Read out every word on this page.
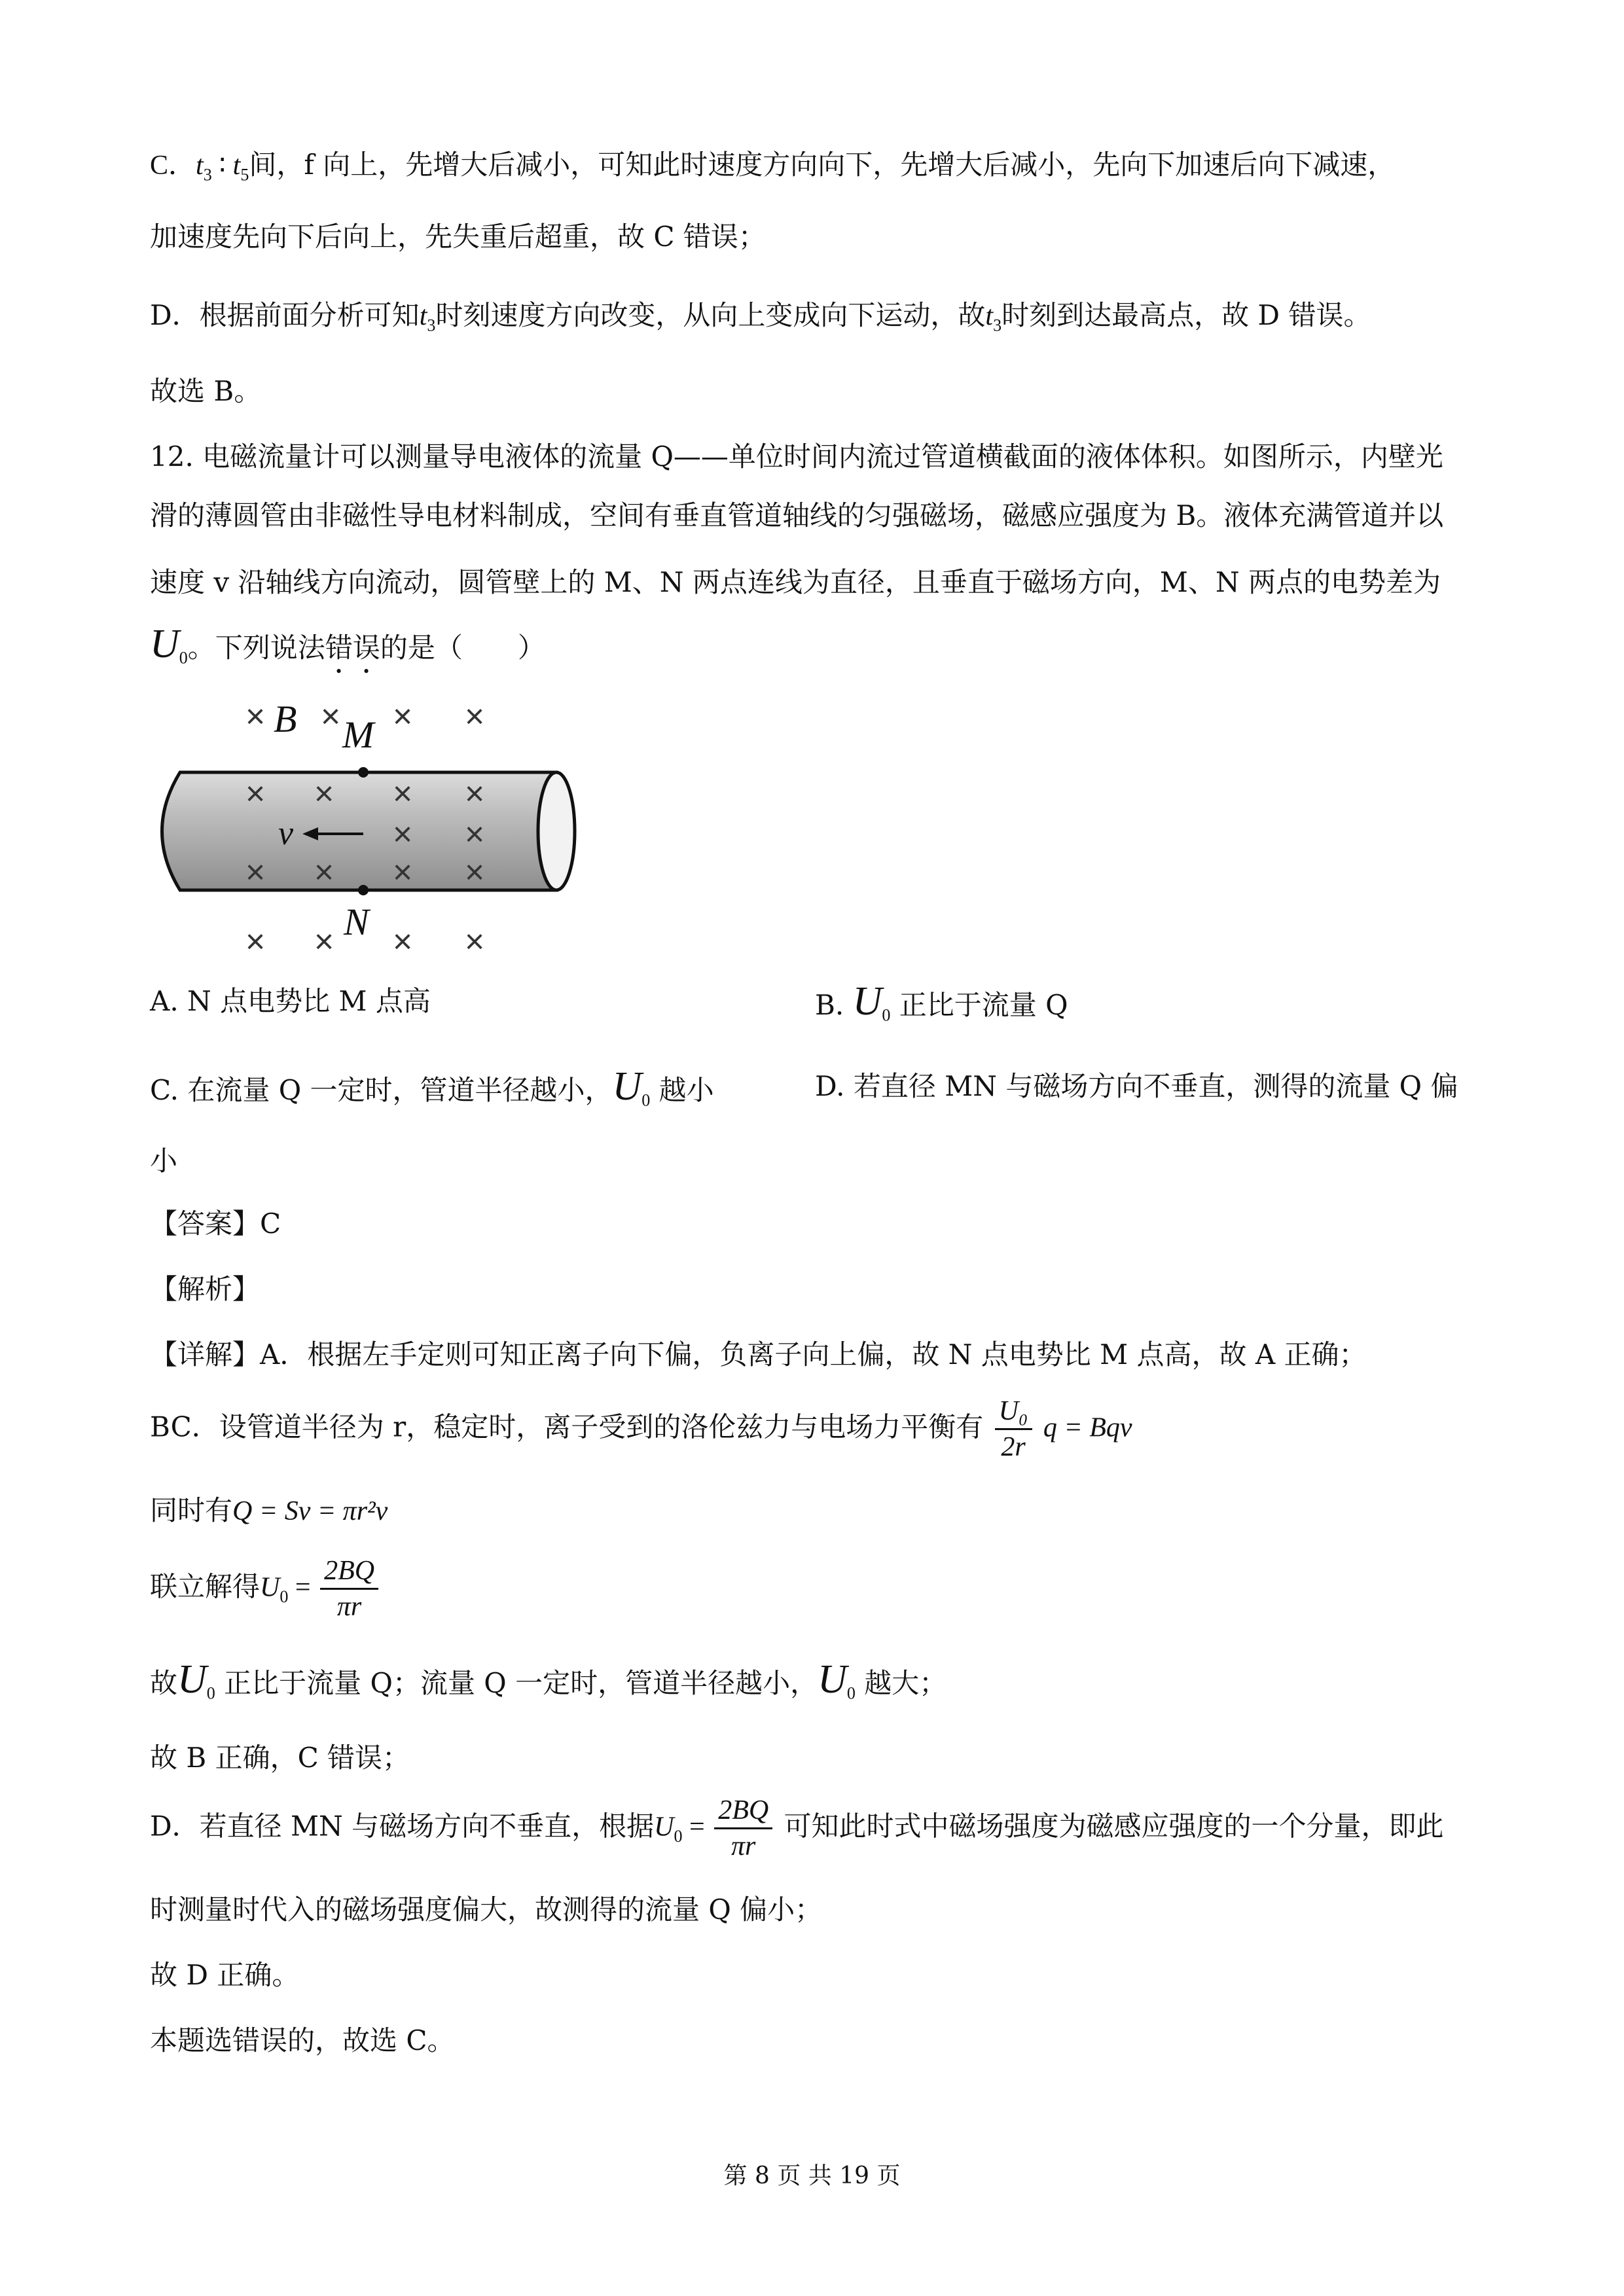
C．$t_3$ ∶ $t_5$间，f 向上，先增大后减小，可知此时速度方向向下，先增大后减小，先向下加速后向下减速，
加速度先向下后向上，先失重后超重，故 C 错误；
D．根据前面分析可知$t_3$时刻速度方向改变，从向上变成向下运动，故$t_3$时刻到达最高点，故 D 错误。
故选 B。
12. 电磁流量计可以测量导电液体的流量 Q——单位时间内流过管道横截面的液体体积。如图所示，内壁光
滑的薄圆管由非磁性导电材料制成，空间有垂直管道轴线的匀强磁场，磁感应强度为 B。液体充满管道并以
速度 v 沿轴线方向流动，圆管壁上的 M、N 两点连线为直径，且垂直于磁场方向，M、N 两点的电势差为
$U_0$。下列说法错误的是（　　）
× × × ×
× × × ×
× ×
× × × ×
× × × ×
B M
N
v
A. N 点电势比 M 点高	B. $U_0$ 正比于流量 Q
C. 在流量 Q 一定时，管道半径越小，$U_0$ 越小	D. 若直径 MN 与磁场方向不垂直，测得的流量 Q 偏
小
【答案】C
【解析】
【详解】A．根据左手定则可知正离子向下偏，负离子向上偏，故 N 点电势比 M 点高，故 A 正确；
BC．设管道半径为 r，稳定时，离子受到的洛伦兹力与电场力平衡有 $\frac{\text{U₀}}{2r}$ q = Bqv
同时有Q = Sv = πr²v
联立解得$U_0 = \frac{2BQ}{\pi r}$
故$U_0$ 正比于流量 Q；流量 Q 一定时，管道半径越小，$U_0$ 越大；
故 B 正确，C 错误；
D．若直径 MN 与磁场方向不垂直，根据$U_0 = \frac{2BQ}{\pi r}$ 可知此时式中磁场强度为磁感应强度的一个分量，即此
时测量时代入的磁场强度偏大，故测得的流量 Q 偏小；
故 D 正确。
本题选错误的，故选 C。
第 8 页 共 19 页
